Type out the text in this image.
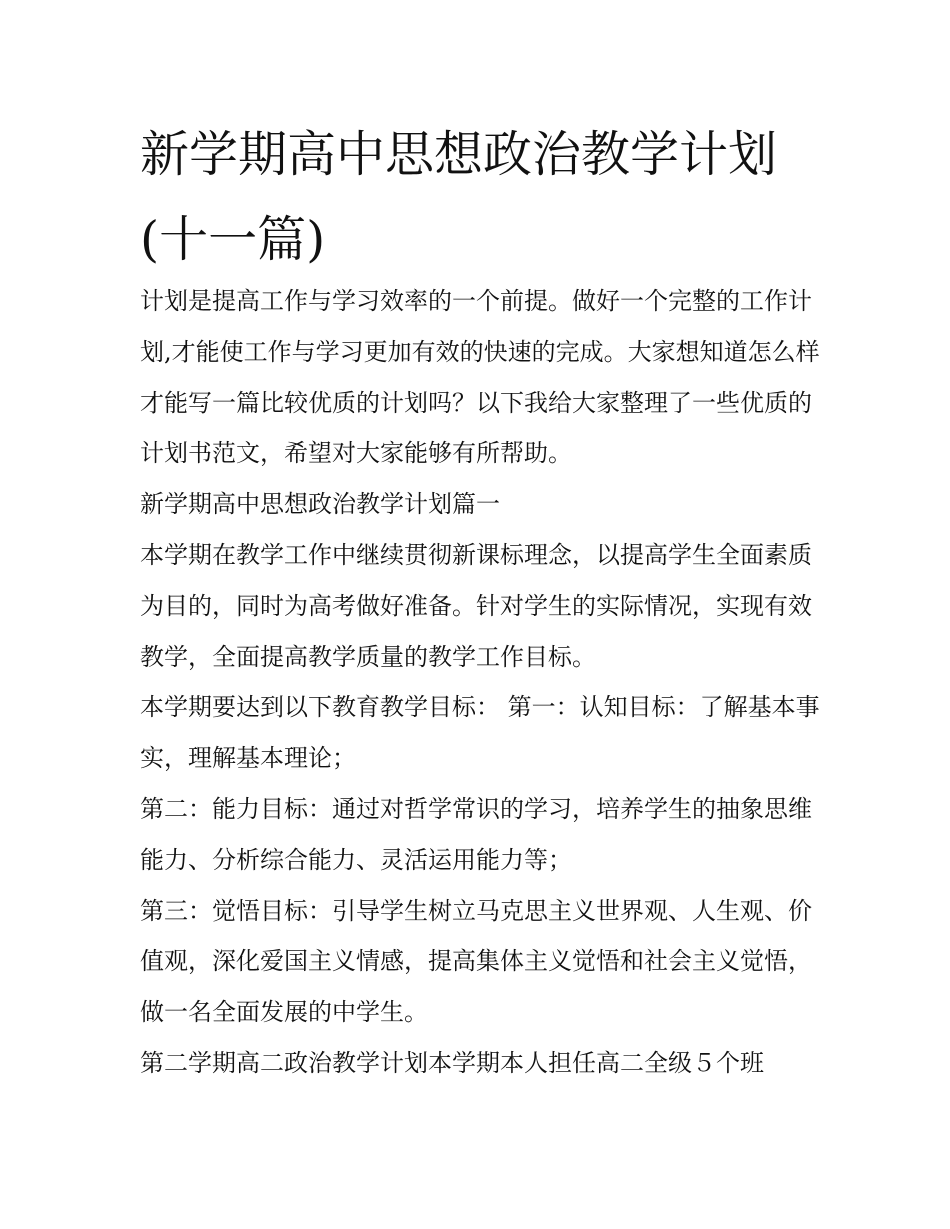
新学期高中思想政治教学计划(十一篇)

计划是提高工作与学习效率的一个前提。做好一个完整的工作计划,才能使工作与学习更加有效的快速的完成。大家想知道怎么样才能写一篇比较优质的计划吗？以下我给大家整理了一些优质的计划书范文，希望对大家能够有所帮助。

新学期高中思想政治教学计划篇一

本学期在教学工作中继续贯彻新课标理念，以提高学生全面素质为目的，同时为高考做好准备。针对学生的实际情况，实现有效教学，全面提高教学质量的教学工作目标。

本学期要达到以下教育教学目标： 第一：认知目标：了解基本事实，理解基本理论；

第二：能力目标：通过对哲学常识的学习，培养学生的抽象思维能力、分析综合能力、灵活运用能力等；

第三：觉悟目标：引导学生树立马克思主义世界观、人生观、价值观，深化爱国主义情感，提高集体主义觉悟和社会主义觉悟，做一名全面发展的中学生。

第二学期高二政治教学计划本学期本人担任高二全级５个班
